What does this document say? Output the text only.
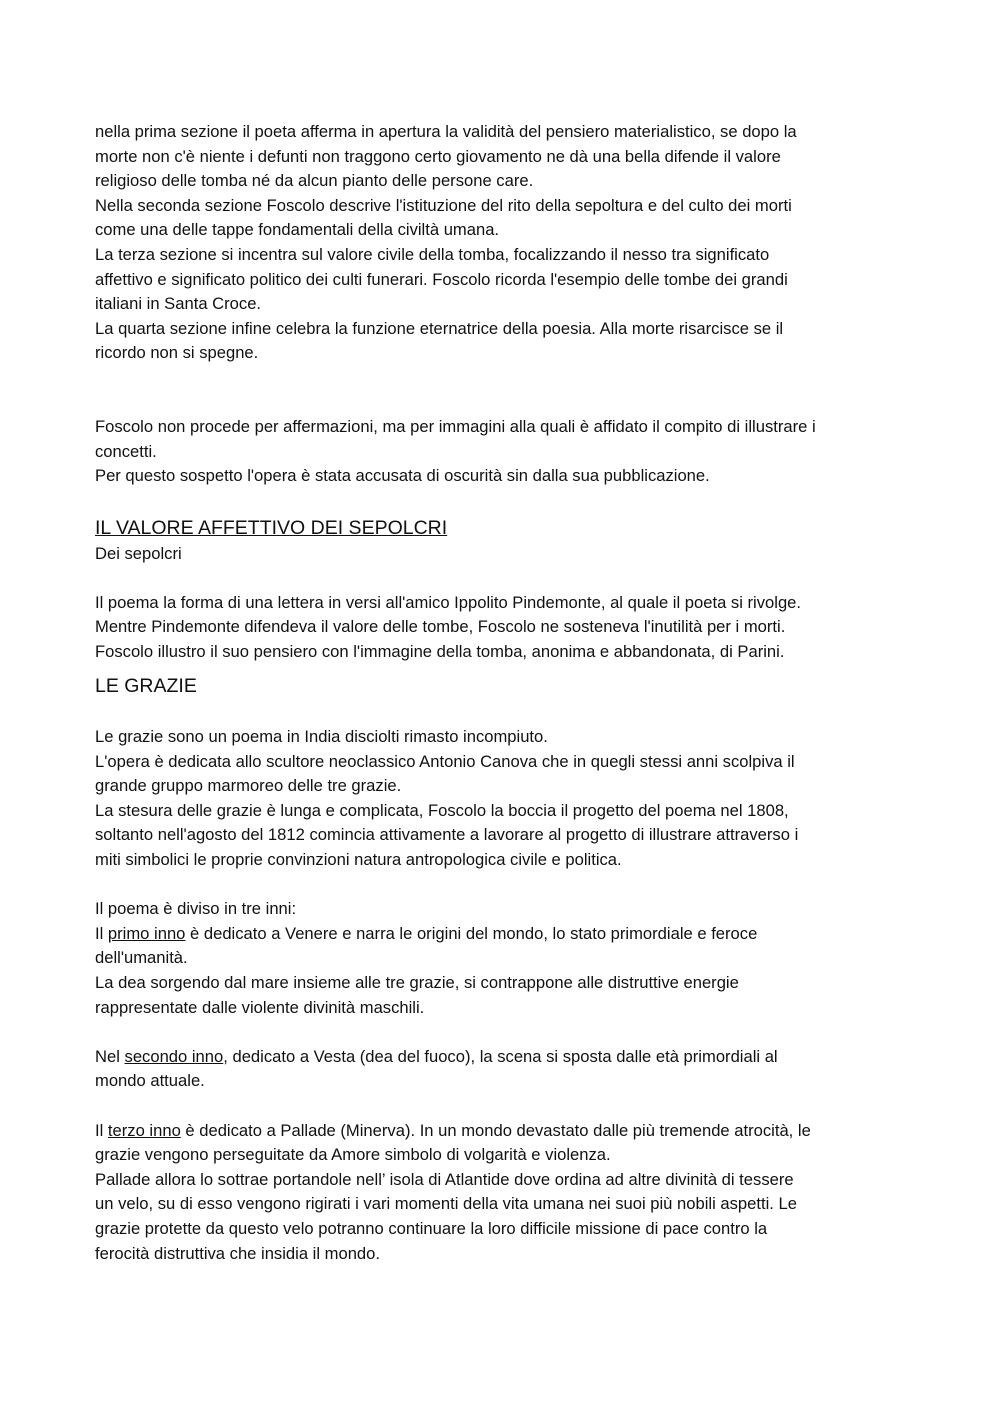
nella prima sezione il poeta afferma in apertura la validità del pensiero materialistico, se dopo la
morte non c'è niente i defunti non traggono certo giovamento ne dà una bella difende il valore
religioso delle tomba né da alcun pianto delle persone care.
Nella seconda sezione Foscolo descrive l'istituzione del rito della sepoltura e del culto dei morti
come una delle tappe fondamentali della civiltà umana.
La terza sezione si incentra sul valore civile della tomba, focalizzando il nesso tra significato
affettivo e significato politico dei culti funerari. Foscolo ricorda l'esempio delle tombe dei grandi
italiani in Santa Croce.
La quarta sezione infine celebra la funzione eternatrice della poesia. Alla morte risarcisce se il
ricordo non si spegne.
Foscolo non procede per affermazioni, ma per immagini alla quali è affidato il compito di illustrare i
concetti.
Per questo sospetto l'opera è stata accusata di oscurità sin dalla sua pubblicazione.
IL VALORE AFFETTIVO DEI SEPOLCRI
Dei sepolcri
Il poema la forma di una lettera in versi all'amico Ippolito Pindemonte, al quale il poeta si rivolge.
Mentre Pindemonte difendeva il valore delle tombe, Foscolo ne sosteneva l'inutilità per i morti.
Foscolo illustro il suo pensiero con l'immagine della tomba, anonima e abbandonata, di Parini.
LE GRAZIE
Le grazie sono un poema in India disciolti rimasto incompiuto.
L'opera è dedicata allo scultore neoclassico Antonio Canova che in quegli stessi anni scolpiva il
grande gruppo marmoreo delle tre grazie.
La stesura delle grazie è lunga e complicata, Foscolo la boccia il progetto del poema nel 1808,
soltanto nell'agosto del 1812 comincia attivamente a lavorare al progetto di illustrare attraverso i
miti simbolici le proprie convinzioni natura antropologica civile e politica.
Il poema è diviso in tre inni:
Il primo inno è dedicato a Venere e narra le origini del mondo, lo stato primordiale e feroce
dell'umanità.
La dea sorgendo dal mare insieme alle tre grazie, si contrappone alle distruttive energie
rappresentate dalle violente divinità maschili.
Nel secondo inno, dedicato a Vesta (dea del fuoco), la scena si sposta dalle età primordiali al
mondo attuale.
Il terzo inno è dedicato a Pallade (Minerva). In un mondo devastato dalle più tremende atrocità, le
grazie vengono perseguitate da Amore simbolo di volgarità e violenza.
Pallade allora lo sottrae portandole nell’ isola di Atlantide dove ordina ad altre divinità di tessere
un velo, su di esso vengono rigirati i vari momenti della vita umana nei suoi più nobili aspetti. Le
grazie protette da questo velo potranno continuare la loro difficile missione di pace contro la
ferocità distruttiva che insidia il mondo.
